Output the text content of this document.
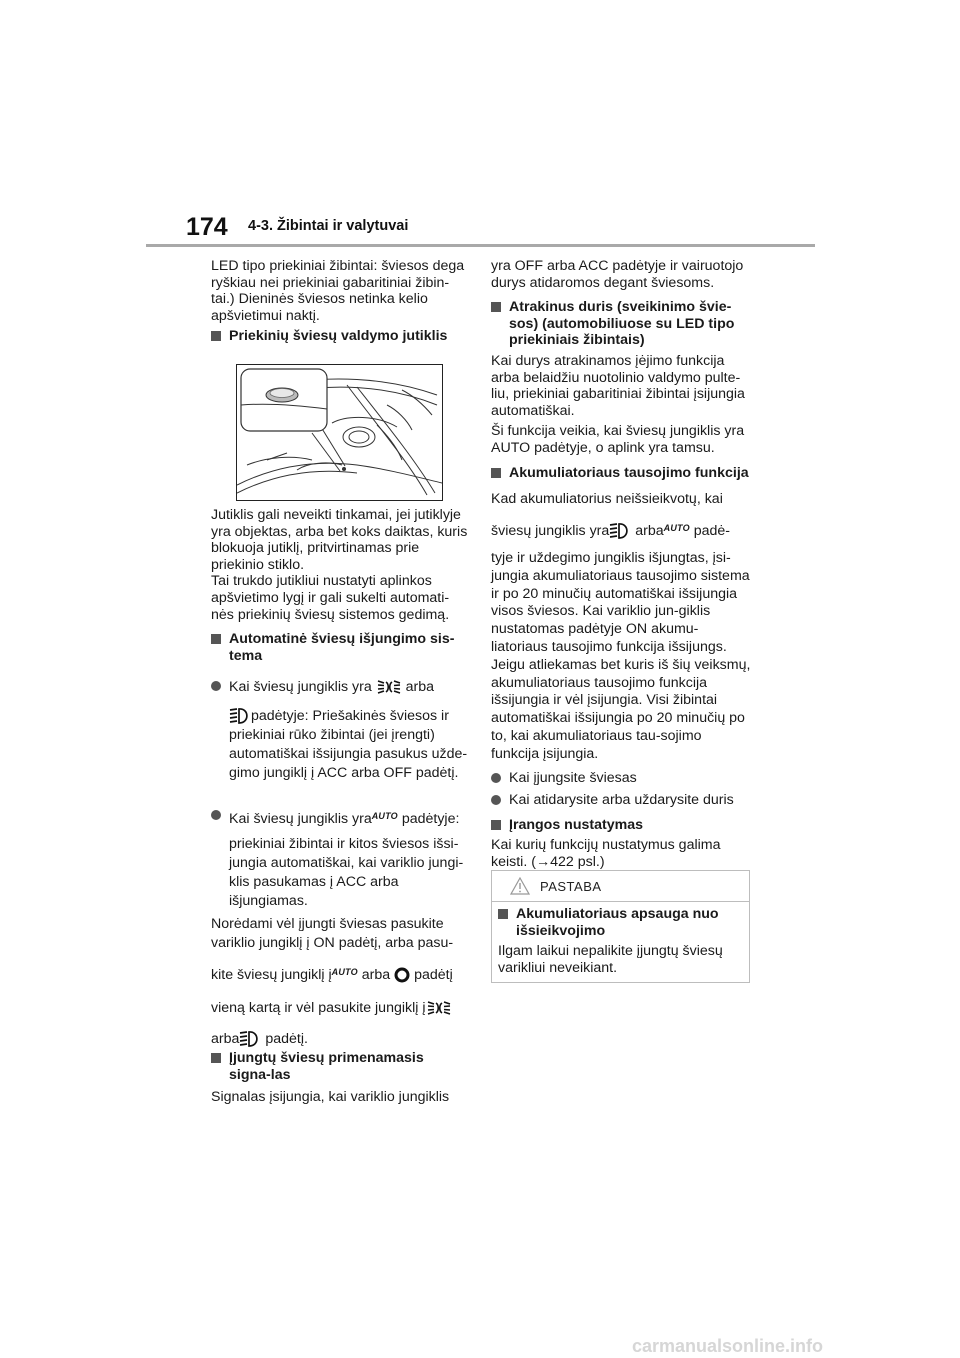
174 4-3. Žibintai ir valytuvai

LED tipo priekiniai žibintai: šviesos dega ryškiau nei priekiniai gabaritiniai žibin-tai.) Dieninės šviesos netinka kelio apšvietimui naktį.

Priekinių šviesų valdymo jutiklis

Jutiklis gali neveikti tinkamai, jei jutiklyje yra objektas, arba bet koks daiktas, kuris blokuoja jutiklį, pritvirtinamas prie priekinio stiklo.

Tai trukdo jutikliui nustatyti aplinkos apšvietimo lygį ir gali sukelti automati-nės priekinių šviesų sistemos gedimą.

Automatinė šviesų išjungimo sis-tema
Kai šviesų jungiklis yra arba
padėtyje: Priešakinės šviesos ir priekiniai rūko žibintai (jei įrengti) automatiškai išsijungia pasukus užde-gimo jungiklį į ACC arba OFF padėtį.
Kai šviesų jungiklis yra$^{AUTO}$ padėtyje:
priekiniai žibintai ir kitos šviesos išsi-jungia automatiškai, kai variklio jungi-klis pasukamas į ACC arba išjungiamas.

Norėdami vėl įjungti šviesas pasukite variklio jungiklį į ON padėtį, arba pasu-

kite šviesų jungiklį $į^{AUTO}$ arba padėtį

vieną kartą ir vėl pasukite jungiklį į

arba padėtį.

Įjungtų šviesų primenamasis signa-las

Signalas įsijungia, kai variklio jungiklis

yra OFF arba ACC padėtyje ir vairuotojo durys atidaromos degant šviesoms.

Atrakinus duris (sveikinimo švie-sos) (automobiliuose su LED tipo priekiniais žibintais)

Kai durys atrakinamos įėjimo funkcija arba belaidžiu nuotolinio valdymo pulte-liu, priekiniai gabaritiniai žibintai įsijungia automatiškai.

Ši funkcija veikia, kai šviesų jungiklis yra AUTO padėtyje, o aplink yra tamsu.

Akumuliatoriaus tausojimo funkcija

Kad akumuliatorius neišsieikvotų, kai

šviesų jungiklis yra arba$^{AUTO}$ padė-

tyje ir uždegimo jungiklis išjungtas, įsi-jungia akumuliatoriaus tausojimo sistema ir po 20 minučių automatiškai išsijungia visos šviesos. Kai variklio jun-giklis nustatomas padėtyje ON akumu-liatoriaus tausojimo funkcija išsijungs. Jeigu atliekamas bet kuris iš šių veiksmų, akumuliatoriaus tausojimo funkcija išsijungia ir vėl įsijungia. Visi žibintai automatiškai išsijungia po 20 minučių po to, kai akumuliatoriaus tau-sojimo funkcija įsijungia.

Kai įjungsite šviesas
Kai atidarysite arba uždarysite duris
Įrangos nustatymas

Kai kurių funkcijų nustatymus galima keisti. (→422 psl.)

PASTABA
Akumuliatoriaus apsauga nuo išsieikvojimo

Ilgam laikui nepalikite įjungtų šviesų varikliui neveikiant.

carmanualsonline.info
